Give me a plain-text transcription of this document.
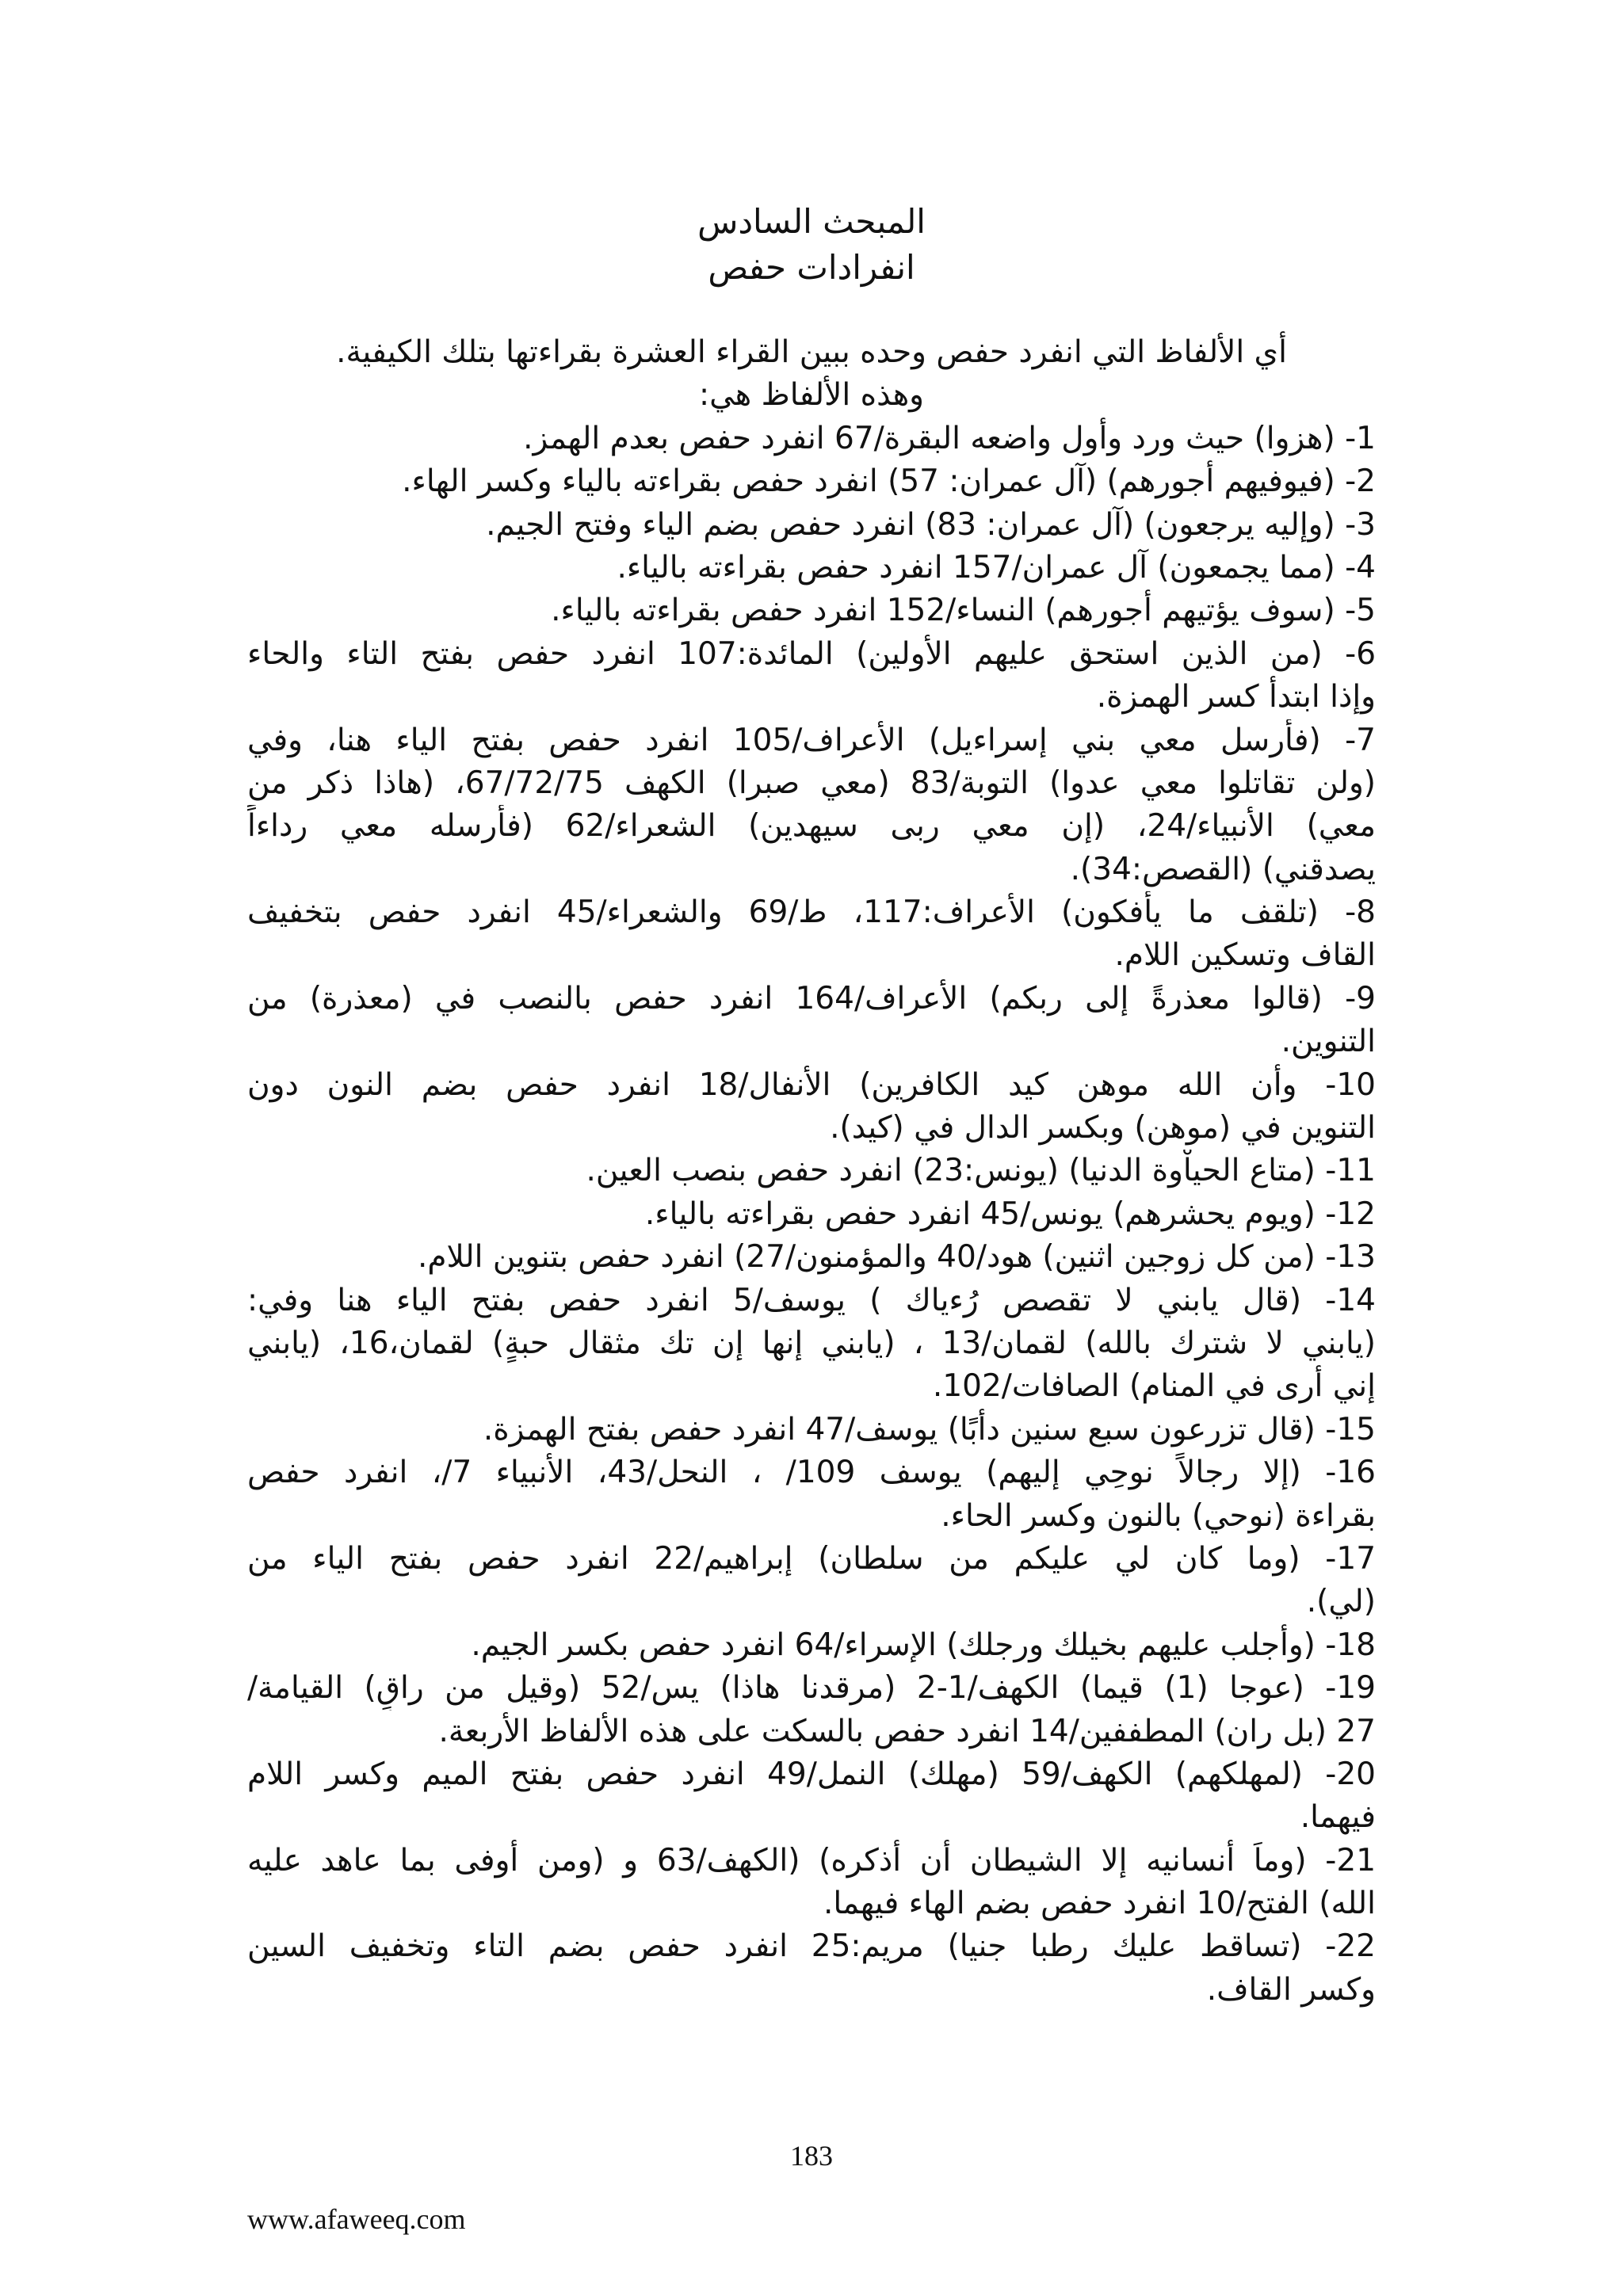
المبحث السادس
انفرادات حفص
أي الألفاظ التي انفرد حفص وحده ببين القراء العشرة بقراءتها بتلك الكيفية.
وهذه الألفاظ هي:
1- (هزوا) حيث ورد وأول واضعه البقرة/67 انفرد حفص بعدم الهمز.
2- (فيوفيهم أجورهم) (آل عمران: 57) انفرد حفص بقراءته بالياء وكسر الهاء.
3- (وإليه يرجعون) (آل عمران: 83) انفرد حفص بضم الياء وفتح الجيم.
4- (مما يجمعون) آل عمران/157 انفرد حفص بقراءته بالياء.
5- (سوف يؤتيهم أجورهم) النساء/152 انفرد حفص بقراءته بالياء.
6- (من الذين استحق عليهم الأولين) المائدة:107 انفرد حفص بفتح التاء والحاء
وإذا ابتدأ كسر الهمزة.
7- (فأرسل معي بني إسراءيل) الأعراف/105 انفرد حفص بفتح الياء هنا، وفي
(ولن تقاتلوا معي عدوا) التوبة/83 (معي صبرا) الكهف 67/72/75، (هاذا ذكر من
معي) الأنبياء/24، (إن معي ربى سيهدين) الشعراء/62 (فأرسله معي رداءاً
يصدقني) (القصص:34).
8- (تلقف ما يأفكون) الأعراف:117، ط/69 والشعراء/45 انفرد حفص بتخفيف
القاف وتسكين اللام.
9- (قالوا معذرةً إلى ربكم) الأعراف/164 انفرد حفص بالنصب في (معذرة) من
التنوين.
10- وأن الله موهن كيد الكافرين) الأنفال/18 انفرد حفص بضم النون دون
التنوين في (موهن) وبكسر الدال في (كيد).
11- (متاع الحياْوة الدنيا) (يونس:23) انفرد حفص بنصب العين.
12- (ويوم يحشرهم) يونس/45 انفرد حفص بقراءته بالياء.
13- (من كل زوجين اثنين) هود/40 والمؤمنون/27) انفرد حفص بتنوين اللام.
14- (قال يابني لا تقصص رُءياك ) يوسف/5 انفرد حفص بفتح الياء هنا وفي:
(يابني لا شترك بالله) لقمان/13 ، (يابني إنها إن تك مثقال حبةٍ) لقمان،16، (يابني
إني أرى في المنام) الصافات/102.
15- (قال تزرعون سبع سنين دأبًا) يوسف/47 انفرد حفص بفتح الهمزة.
16- (إلا رجالاً نوحِي إليهم) يوسف 109/ ، النحل/43، الأنبياء 7/، انفرد حفص
بقراءة (نوحي) بالنون وكسر الحاء.
17- (وما كان لي عليكم من سلطان) إبراهيم/22 انفرد حفص بفتح الياء من
(لي).
18- (وأجلب عليهم بخيلك ورجلك) الإسراء/64 انفرد حفص بكسر الجيم.
19- (عوجا (1) قيما) الكهف/1-2 (مرقدنا هاذا) يس/52 (وقيل من راقٍ) القيامة/
27 (بل ران) المطففين/14 انفرد حفص بالسكت على هذه الألفاظ الأربعة.
20- (لمهلكهم) الكهف/59 (مهلك) النمل/49 انفرد حفص بفتح الميم وكسر اللام
فيهما.
21- (وماَ أنسانيه إلا الشيطان أن أذكره) (الكهف/63 و (ومن أوفى بما عاهد عليه
الله) الفتح/10 انفرد حفص بضم الهاء فيهما.
22- (تساقط عليك رطبا جنيا) مريم:25 انفرد حفص بضم التاء وتخفيف السين
وكسر القاف.
183
www.afaweeq.com
